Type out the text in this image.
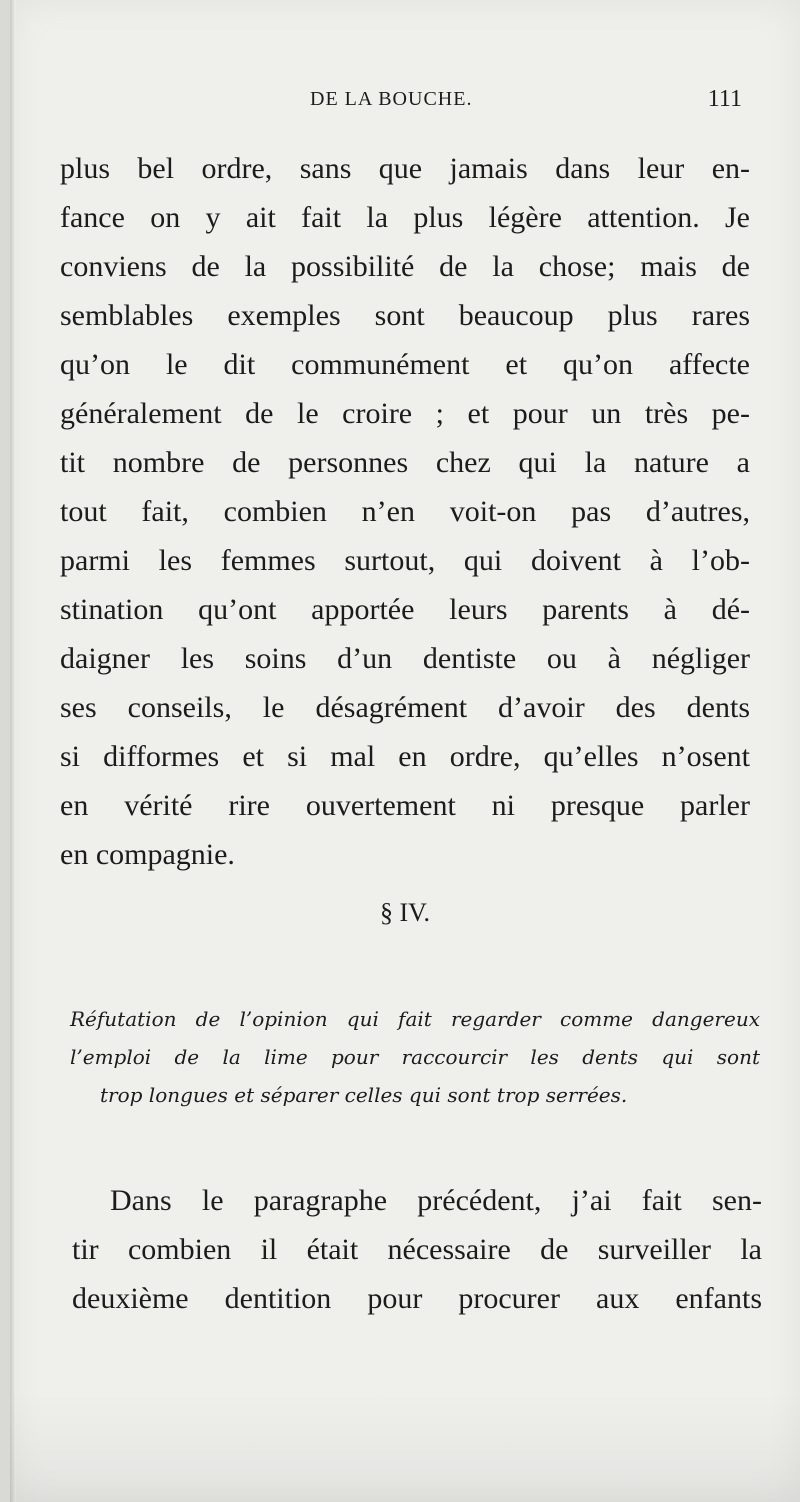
DE LA BOUCHE.	111
plus bel ordre, sans que jamais dans leur en-
fance on y ait fait la plus légère attention. Je
conviens de la possibilité de la chose; mais de
semblables exemples sont beaucoup plus rares
qu’on le dit communément et qu’on affecte
généralement de le croire ; et pour un très pe-
tit nombre de personnes chez qui la nature a
tout fait, combien n’en voit-on pas d’autres,
parmi les femmes surtout, qui doivent à l’ob-
stination qu’ont apportée leurs parents à dé-
daigner les soins d’un dentiste ou à négliger
ses conseils, le désagrément d’avoir des dents
si difformes et si mal en ordre, qu’elles n’osent
en vérité rire ouvertement ni presque parler
en compagnie.
§ IV.
Réfutation de l’opinion qui fait regarder comme dangereux
l’emploi de la lime pour raccourcir les dents qui sont
trop longues et séparer celles qui sont trop serrées.
Dans le paragraphe précédent, j’ai fait sen-
tir combien il était nécessaire de surveiller la
deuxième dentition pour procurer aux enfants
